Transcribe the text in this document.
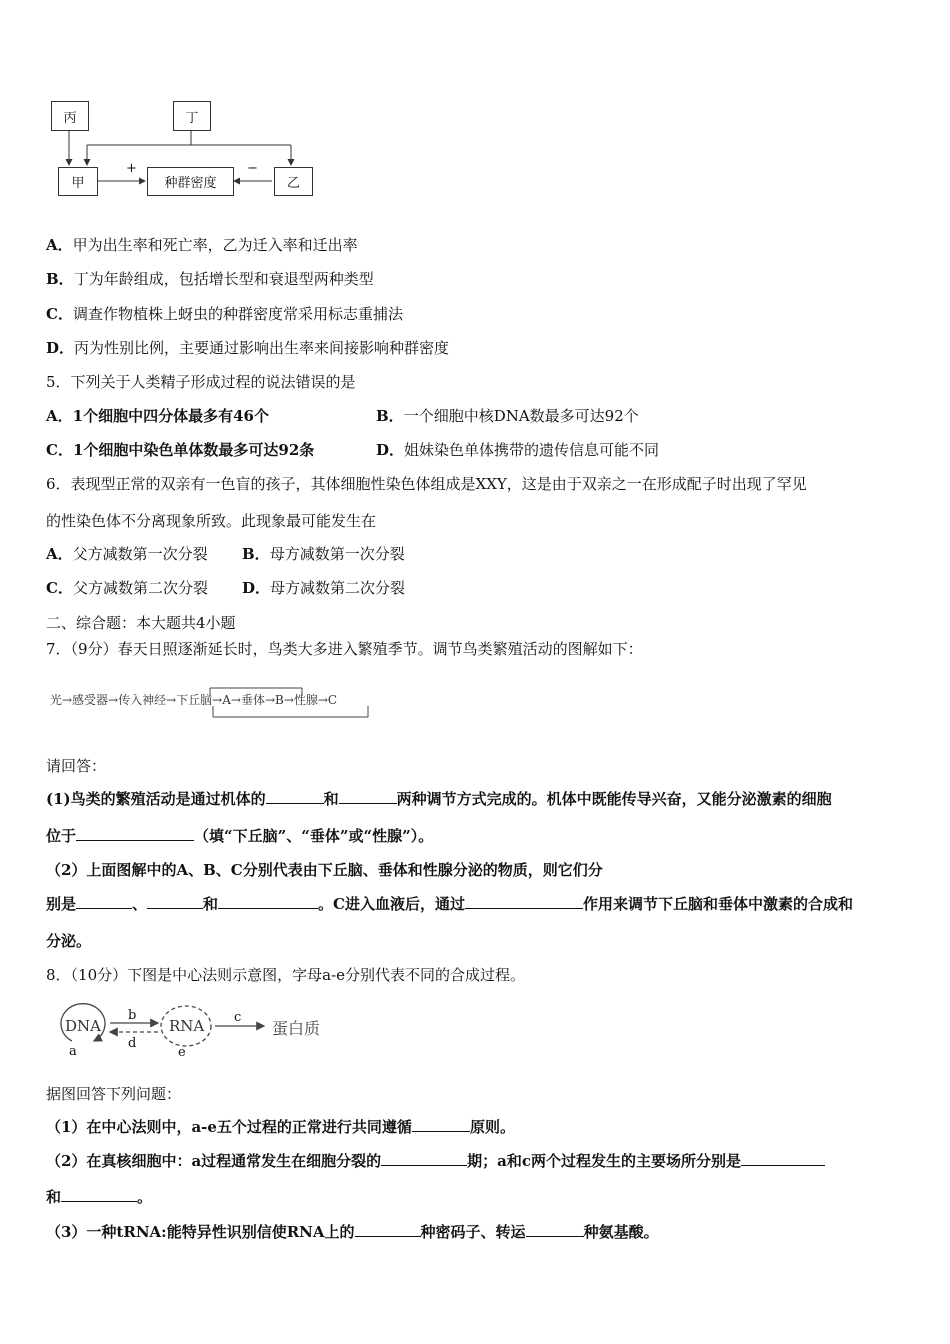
丙	丁
甲	种群密度	乙
+	−
A．甲为出生率和死亡率，乙为迁入率和迁出率
B．丁为年龄组成，包括增长型和衰退型两种类型
C．调查作物植株上蚜虫的种群密度常采用标志重捕法
D．丙为性别比例，主要通过影响出生率来间接影响种群密度
5．下列关于人类精子形成过程的说法错误的是
A．1个细胞中四分体最多有46个	B．一个细胞中核DNA数最多可达92个
C．1个细胞中染色单体数最多可达92条	D．姐妹染色单体携带的遗传信息可能不同
6．表现型正常的双亲有一色盲的孩子，其体细胞性染色体组成是XXY，这是由于双亲之一在形成配子时出现了罕见
的性染色体不分离现象所致。此现象最可能发生在
A．父方减数第一次分裂 B．母方减数第一次分裂
C．父方减数第二次分裂 D．母方减数第二次分裂
二、综合题：本大题共4小题
7．（9分）春天日照逐渐延长时，鸟类大多进入繁殖季节。调节鸟类繁殖活动的图解如下：
光→感受器→传入神经→下丘脑→A→垂体→B→性腺→C
请回答：
(1)鸟类的繁殖活动是通过机体的	和	两种调节方式完成的。机体中既能传导兴奋，又能分泌激素的细胞
位于	（填“下丘脑”、“垂体”或“性腺”）。
（2）上面图解中的A、B、C分别代表由下丘脑、垂体和性腺分泌的物质，则它们分
别是	、	和	。C进入血液后，通过	作用来调节下丘脑和垂体中激素的合成和
分泌。
8．（10分）下图是中心法则示意图，字母a-e分别代表不同的合成过程。
DNA	RNA	蛋白质
a
b	c
d
e
据图回答下列问题：
（1）在中心法则中，a-e五个过程的正常进行共同遵循	原则。
（2）在真核细胞中：a过程通常发生在细胞分裂的	期；a和c两个过程发生的主要场所分别是
和	。
（3）一种tRNA:能特异性识别信使RNA上的	种密码子、转运	种氨基酸。
